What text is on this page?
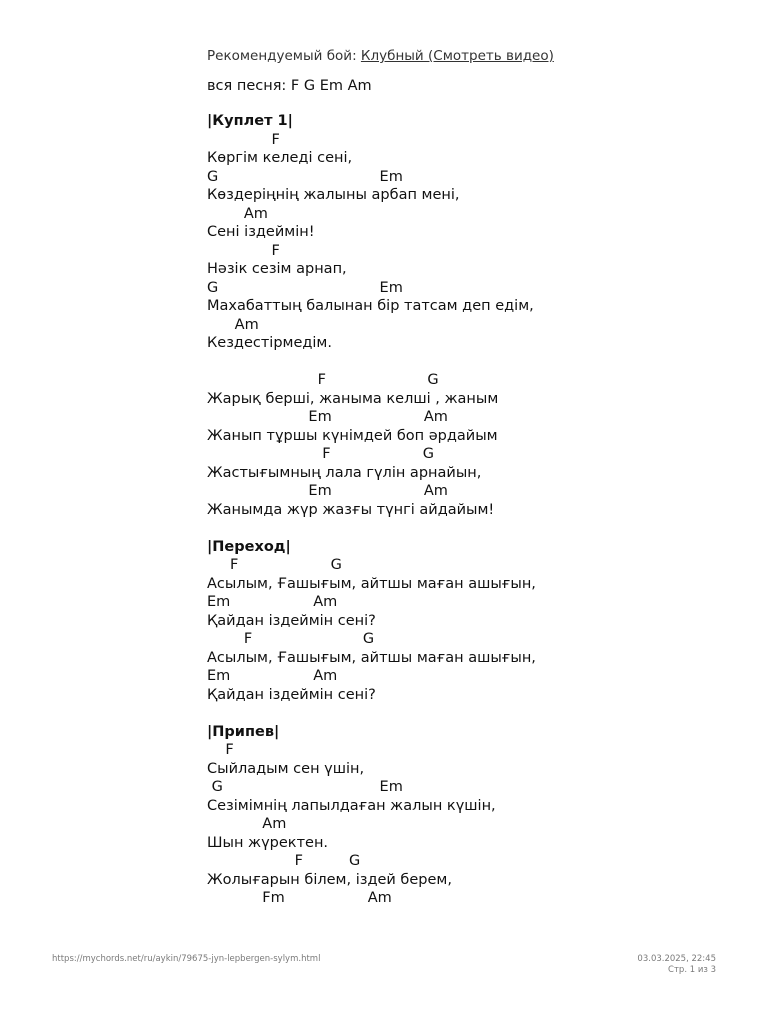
Рекомендуемый бой: Клубный (Смотреть видео)
вся песня: F G Em Am
|Куплет 1|
F
Көргім келеді сені,
G                                   Em
Көздеріңнің жалыны арбап мені,
Am
Сені іздеймін!
F
Нәзік сезім арнап,
G                                   Em
Махабаттың балынан бір татсам деп едім,
Am
Кездестірмедім.
F                      G
Жарық берші, жаныма келші , жаным
Em                    Am
Жанып тұршы күнімдей боп әрдайым
F                    G
Жастығымның лала гүлін арнайын,
Em                    Am
Жанымда жүр жазғы түнгі айдайым!
|Переход|
F                    G
Асылым, Ғашығым, айтшы маған ашығын,
Em                  Am
Қайдан іздеймін сені?
F                        G
Асылым, Ғашығым, айтшы маған ашығын,
Em                  Am
Қайдан іздеймін сені?
|Припев|
F
Сыйладым сен үшін,
G                                  Em
Сезімімнің лапылдаған жалын күшін,
Am
Шын жүректен.
F          G
Жолығарын білем, іздей берем,
Fm                  Am
https://mychords.net/ru/aykin/79675-jyn-lepbergen-sylym.html	03.03.2025, 22:45
Стр. 1 из 3
